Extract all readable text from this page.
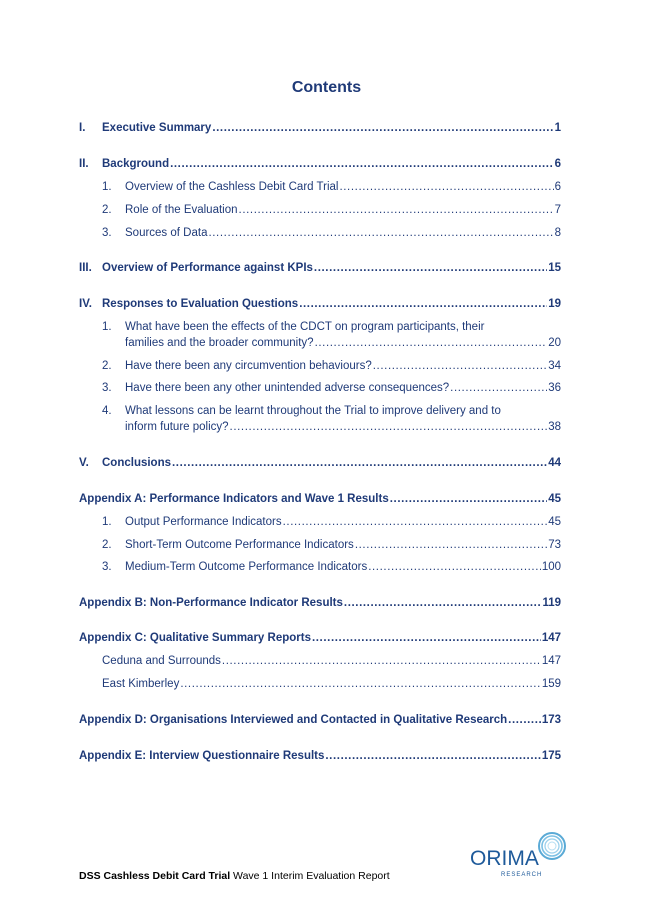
Contents
I.	Executive Summary .....	1
II.	Background .....	6
1.	Overview of the Cashless Debit Card Trial .....	6
2.	Role of the Evaluation .....	7
3.	Sources of Data .....	8
III. Overview of Performance against KPIs .....	15
IV. Responses to Evaluation Questions .....	19
1. What have been the effects of the CDCT on program participants, their
families and the broader community? .....	20
2.	Have there been any circumvention behaviours? .....	34
3.	Have there been any other unintended adverse consequences? .....	36
4. What lessons can be learnt throughout the Trial to improve delivery and to
inform future policy? .....	38
V.	Conclusions .....	44
Appendix A: Performance Indicators and Wave 1 Results .....	45
1.	Output Performance Indicators .....	45
2.	Short-Term Outcome Performance Indicators .....	73
3.	Medium-Term Outcome Performance Indicators .....	100
Appendix B: Non-Performance Indicator Results .....	119
Appendix C: Qualitative Summary Reports .....	147
Ceduna and Surrounds .....	147
East Kimberley .....	159
Appendix D: Organisations Interviewed and Contacted in Qualitative Research .....	173
Appendix E: Interview Questionnaire Results .....	175
ORIMA
RESEARCH
DSS Cashless Debit Card Trial Wave 1 Interim Evaluation Report
